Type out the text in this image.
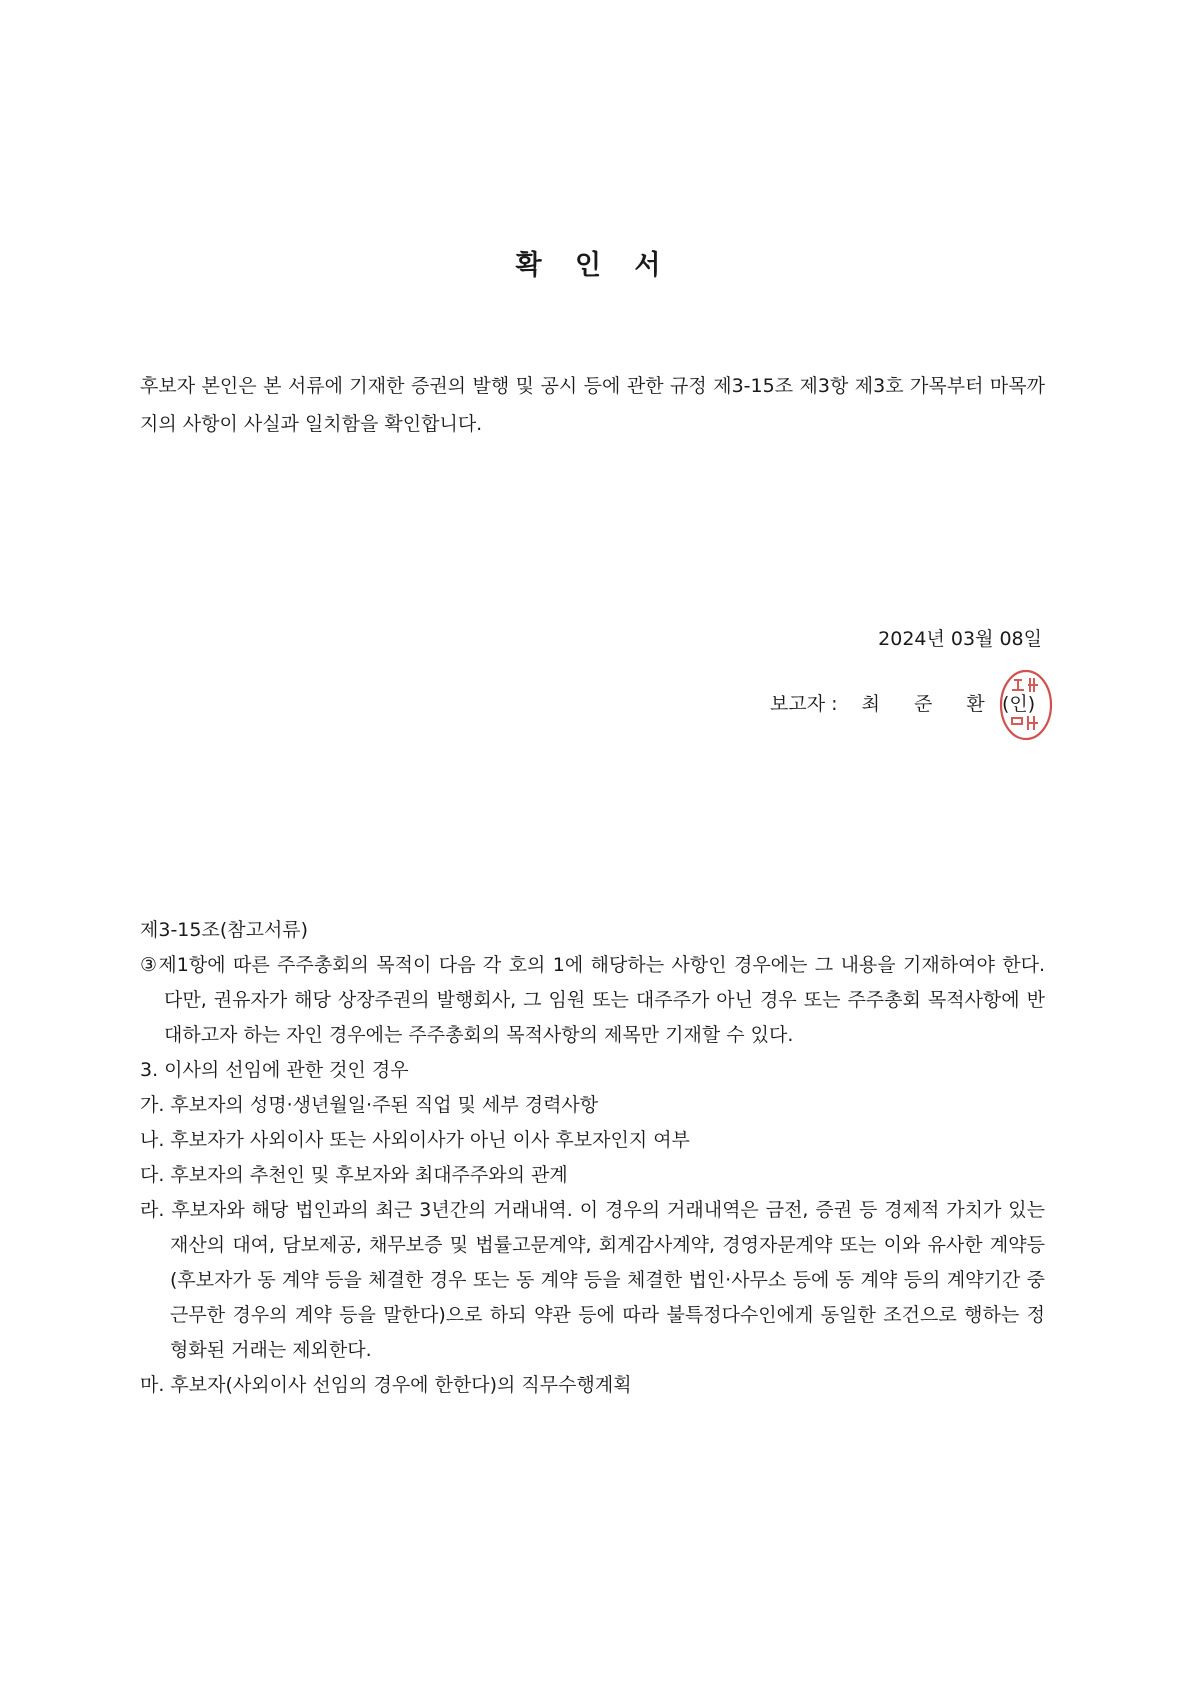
확 인 서

후보자 본인은 본 서류에 기재한 증권의 발행 및 공시 등에 관한 규정 제3-15조 제3항 제3호 가목부터 마목까지의 사항이 사실과 일치함을 확인합니다.

2024년 03월 08일
보고자 : 최 준 환 (인)

제3-15조(참고서류)

③제1항에 따른 주주총회의 목적이 다음 각 호의 1에 해당하는 사항인 경우에는 그 내용을 기재하여야 한다. 다만, 권유자가 해당 상장주권의 발행회사, 그 임원 또는 대주주가 아닌 경우 또는 주주총회 목적사항에 반대하고자 하는 자인 경우에는 주주총회의 목적사항의 제목만 기재할 수 있다.

3. 이사의 선임에 관한 것인 경우

가. 후보자의 성명·생년월일·주된 직업 및 세부 경력사항

나. 후보자가 사외이사 또는 사외이사가 아닌 이사 후보자인지 여부

다. 후보자의 추천인 및 후보자와 최대주주와의 관계

라. 후보자와 해당 법인과의 최근 3년간의 거래내역. 이 경우의 거래내역은 금전, 증권 등 경제적 가치가 있는 재산의 대여, 담보제공, 채무보증 및 법률고문계약, 회계감사계약, 경영자문계약 또는 이와 유사한 계약등(후보자가 동 계약 등을 체결한 경우 또는 동 계약 등을 체결한 법인·사무소 등에 동 계약 등의 계약기간 중 근무한 경우의 계약 등을 말한다)으로 하되 약관 등에 따라 불특정다수인에게 동일한 조건으로 행하는 정형화된 거래는 제외한다.

마. 후보자(사외이사 선임의 경우에 한한다)의 직무수행계획
